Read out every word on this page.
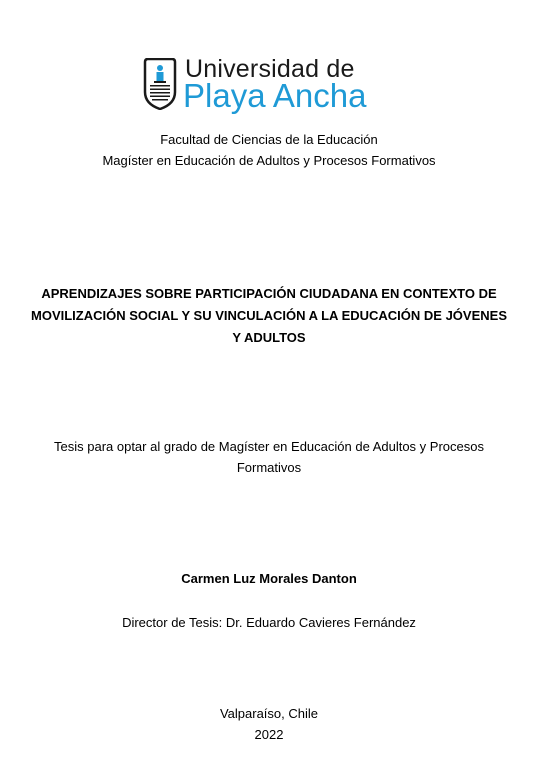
Universidad de
Playa Ancha
Facultad de Ciencias de la Educación
Magíster en Educación de Adultos y Procesos Formativos
APRENDIZAJES SOBRE PARTICIPACIÓN CIUDADANA EN CONTEXTO DE MOVILIZACIÓN SOCIAL Y SU VINCULACIÓN A LA EDUCACIÓN DE JÓVENES Y ADULTOS
Tesis para optar al grado de Magíster en Educación de Adultos y Procesos Formativos
Carmen Luz Morales Danton
Director de Tesis: Dr. Eduardo Cavieres Fernández
Valparaíso, Chile
2022
